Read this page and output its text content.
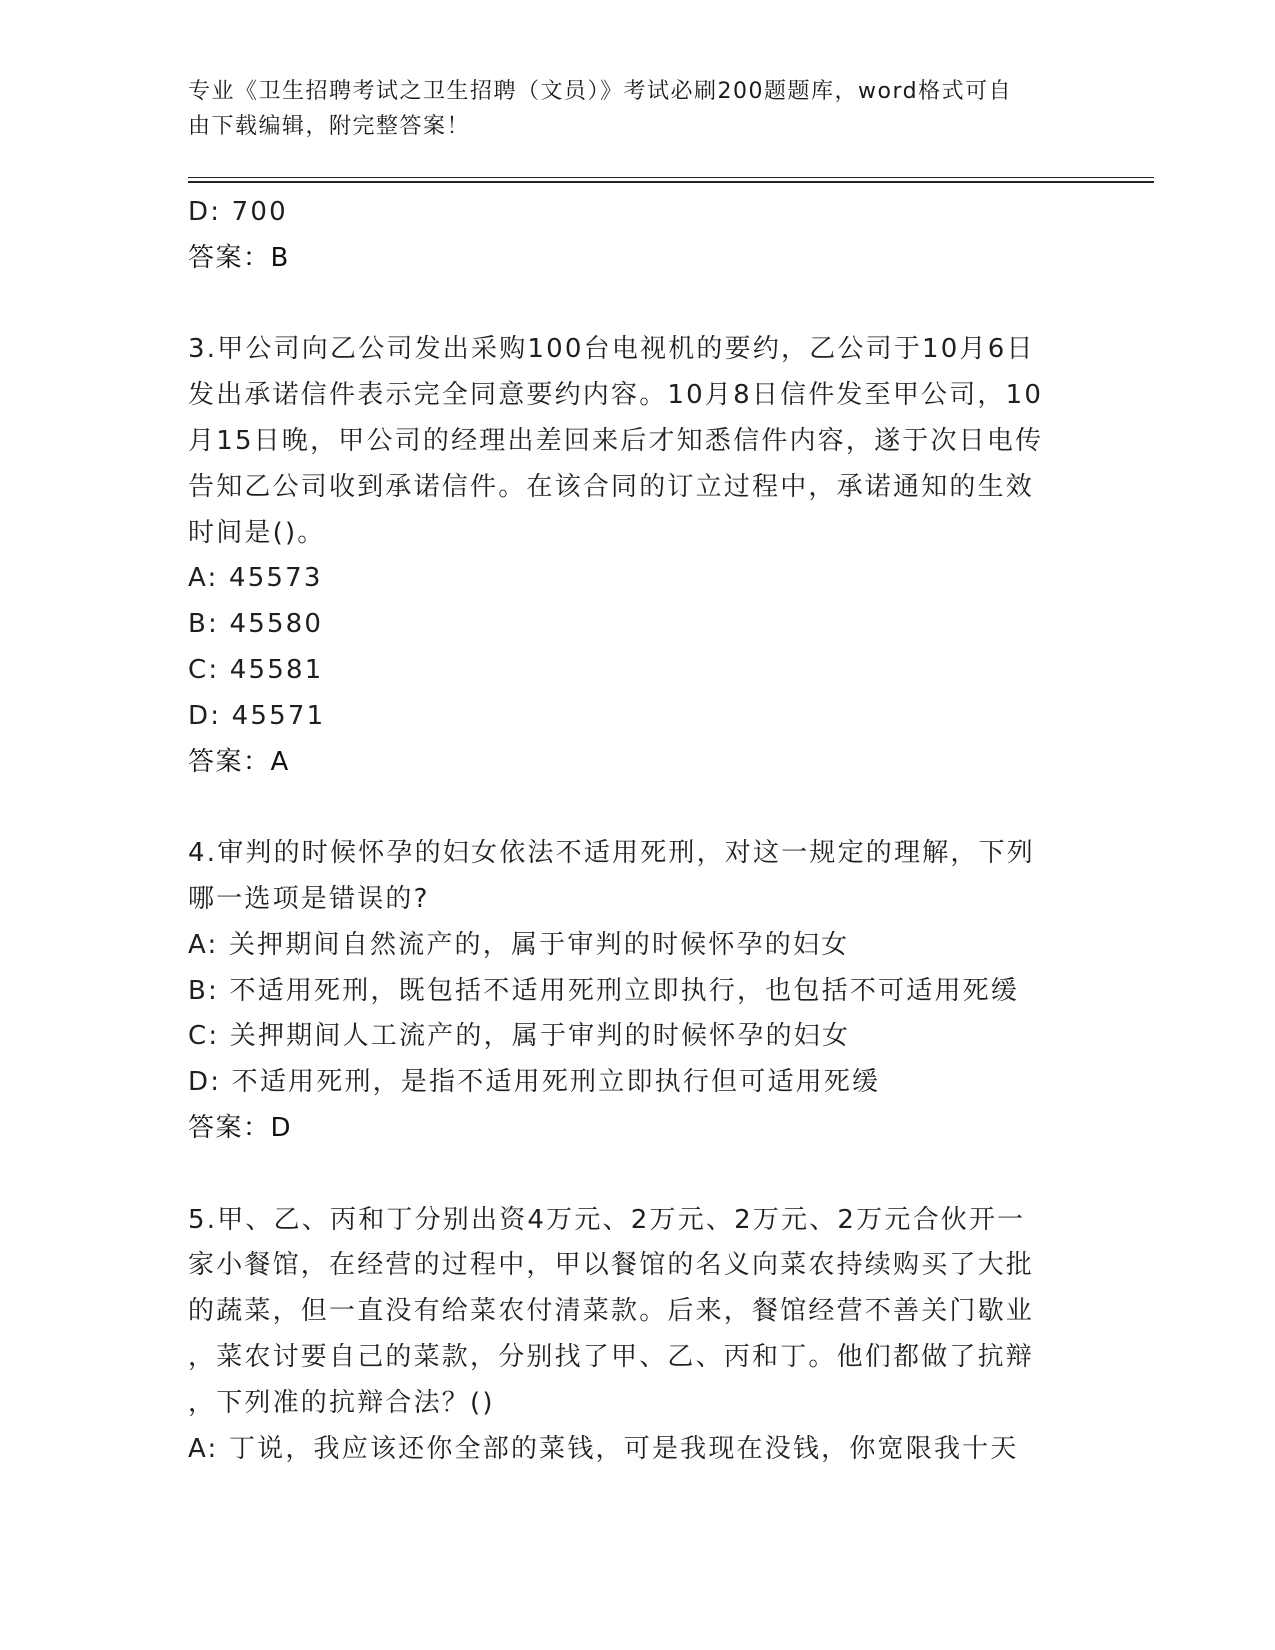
专业《卫生招聘考试之卫生招聘（文员）》考试必刷200题题库，word格式可自
由下载编辑，附完整答案！
D: 700
答案：B
3.甲公司向乙公司发出采购100台电视机的要约，乙公司于10月6日
发出承诺信件表示完全同意要约内容。10月8日信件发至甲公司，10
月15日晚，甲公司的经理出差回来后才知悉信件内容，遂于次日电传
告知乙公司收到承诺信件。在该合同的订立过程中，承诺通知的生效
时间是()。
A: 45573
B: 45580
C: 45581
D: 45571
答案：A
4.审判的时候怀孕的妇女依法不适用死刑，对这一规定的理解，下列
哪一选项是错误的?
A: 关押期间自然流产的，属于审判的时候怀孕的妇女
B: 不适用死刑，既包括不适用死刑立即执行，也包括不可适用死缓
C: 关押期间人工流产的，属于审判的时候怀孕的妇女
D: 不适用死刑，是指不适用死刑立即执行但可适用死缓
答案：D
5.甲、乙、丙和丁分别出资4万元、2万元、2万元、2万元合伙开一
家小餐馆，在经营的过程中，甲以餐馆的名义向菜农持续购买了大批
的蔬菜，但一直没有给菜农付清菜款。后来，餐馆经营不善关门歇业
，菜农讨要自己的菜款，分别找了甲、乙、丙和丁。他们都做了抗辩
，下列准的抗辩合法？()
A: 丁说，我应该还你全部的菜钱，可是我现在没钱，你宽限我十天
